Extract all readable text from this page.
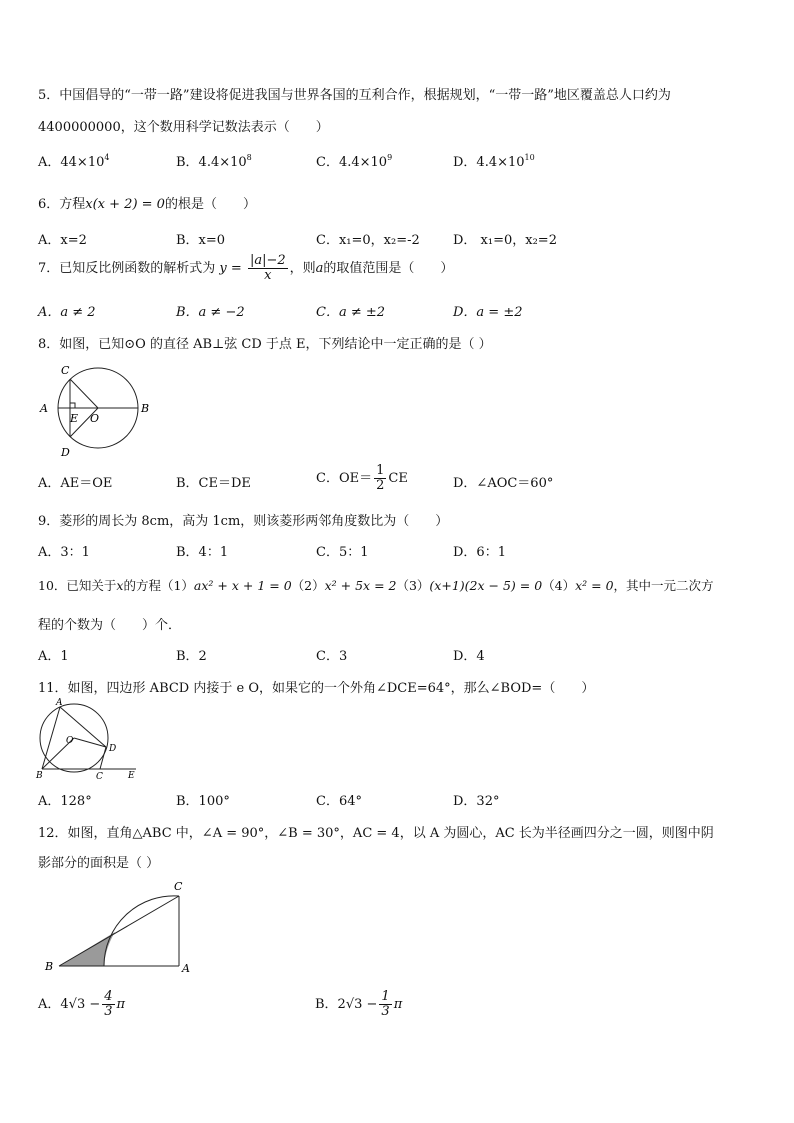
5．中国倡导的“一带一路”建设将促进我国与世界各国的互利合作，根据规划，“一带一路”地区覆盖总人口约为
4400000000，这个数用科学记数法表示（　　）
A．$44\times 10^4$	B．$4.4\times 10^8$	C．$4.4\times 10^9$	D．$4.4\times 10^{10}$
6．方程x(x + 2) = 0的根是（　　）
A．x=2	B．x=0	C．x₁=0，x₂=-2	D． x₁=0，x₂=2
7．已知反比例函数的解析式为 $y = \frac{|a|-2}{x}$ ，则a的取值范围是（　　）
A．a ≠ 2	B．a ≠ −2	C．a ≠ ±2	D．a = ±2
8．如图，已知⊙O 的直径 AB⊥弦 CD 于点 E，下列结论中一定正确的是（ ）
C
A	B
E O
D
A．AE＝OE	B．CE＝DE	C．$OE= \frac{1}{2}$ CE	D．∠AOC＝60°
9．菱形的周长为 8cm，高为 1cm，则该菱形两邻角度数比为（　　）
A．3：1	B．4：1	C．5：1	D．6：1
10．已知关于x的方程（1）ax² + x + 1 = 0（2）x² + 5x = 2（3）(x+1)(2x − 5) = 0（4）x² = 0，其中一元二次方
程的个数为（　　）个．
A．1	B．2	C．3	D．4
11．如图，四边形 ABCD 内接于 e O，如果它的一个外角∠DCE=64°，那么∠BOD=（　　）
A
O
D
B	C	E
A．128°	B．100°	C．64°	D．32°
12．如图，直角△ABC 中，∠A = 90°，∠B = 30°，AC = 4，以 A 为圆心，AC 长为半径画四分之一圆，则图中阴
影部分的面积是（ ）
C
B	A
A．$4√3 - \frac{4}{3}$ π	B．$2√3 - \frac{1}{3}$ π
